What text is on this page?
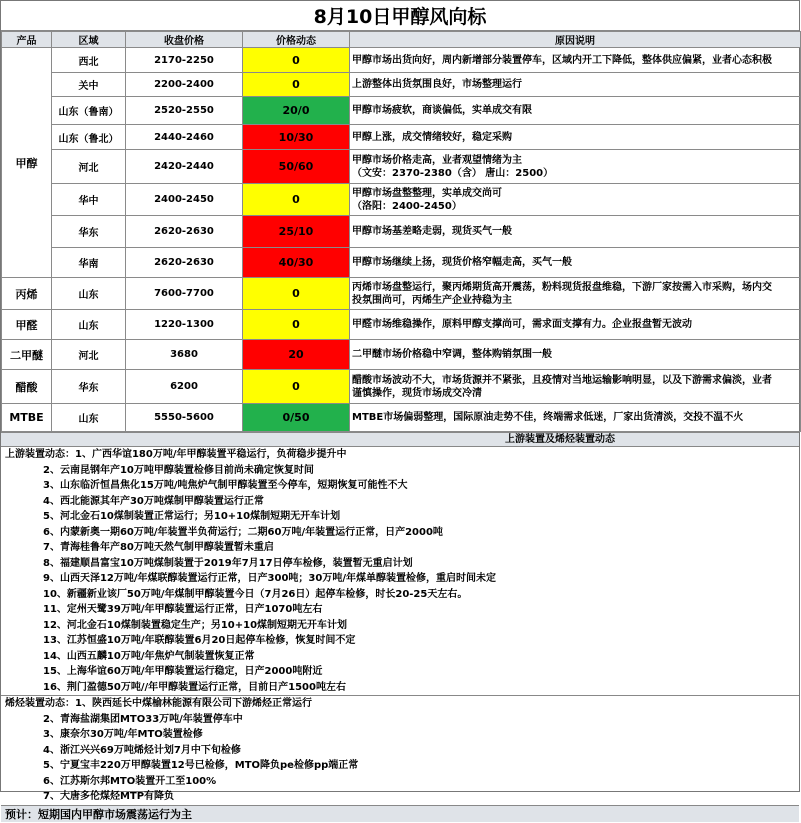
8月10日甲醇风向标
产品	区域	收盘价格	价格动态	原因说明
甲醇	西北	2170-2250	0	甲醇市场出货向好，周内新增部分装置停车，区域内开工下降低，整体供应偏紧，业者心态积极

	关中	2200-2400	0	上游整体出货氛围良好，市场整理运行

	山东（鲁南）	2520-2550	20/0	甲醇市场疲软，商谈偏低，实单成交有限

	山东（鲁北）	2440-2460	10/30	甲醇上涨，成交情绪较好，稳定采购

	河北	2420-2440	50/60	甲醇市场价格走高，业者观望情绪为主
（文安：2370-2380（含） 唐山：2500）

	华中	2400-2450	0	甲醇市场盘整整理，实单成交尚可
（洛阳：2400-2450）

	华东	2620-2630	25/10	甲醇市场基差略走弱，现货买气一般

	华南	2620-2630	40/30	甲醇市场继续上扬，现货价格窄幅走高，买气一般

丙烯	山东	7600-7700	0	丙烯市场盘整运行，聚丙烯期货高开震荡，粉料现货报盘维稳，下游厂家按需入市采购，场内交
投氛围尚可，丙烯生产企业持稳为主

甲醛	山东	1220-1300	0	甲醛市场维稳操作，原料甲醇支撑尚可，需求面支撑有力。企业报盘暂无波动

二甲醚	河北	3680	20	二甲醚市场价格稳中窄调，整体购销氛围一般

醋酸	华东	6200	0	醋酸市场波动不大，市场货源并不紧张，且疫情对当地运输影响明显，以及下游需求偏淡，业者
谨慎操作，现货市场成交冷清

MTBE	山东	5550-5600	0/50	MTBE市场偏弱整理，国际原油走势不佳，终端需求低迷，厂家出货清淡，交投不温不火
上游装置及烯烃装置动态
上游装置动态：1、广西华谊180万吨/年甲醇装置平稳运行，负荷稳步提升中
2、云南昆钢年产10万吨甲醇装置检修目前尚未确定恢复时间
3、山东临沂恒昌焦化15万吨/吨焦炉气制甲醇装置至今停车，短期恢复可能性不大
4、西北能源其年产30万吨煤制甲醇装置运行正常
5、河北金石10煤制装置正常运行；另10+10煤制短期无开车计划
6、内蒙新奥一期60万吨/年装置半负荷运行；二期60万吨/年装置运行正常，日产2000吨
7、青海桂鲁年产80万吨天然气制甲醇装置暂未重启
8、福建顺昌富宝10万吨煤制装置于2019年7月17日停车检修，装置暂无重启计划
9、山西天泽12万吨/年煤联醇装置运行正常，日产300吨；30万吨/年煤单醇装置检修，重启时间未定
10、新疆新业该厂50万吨/年煤制甲醇装置今日（7月26日）起停车检修，时长20-25天左右。
11、定州天鹭39万吨/年甲醇装置运行正常，日产1070吨左右
12、河北金石10煤制装置稳定生产；另10+10煤制短期无开车计划
13、江苏恒盛10万吨/年联醇装置6月20日起停车检修，恢复时间不定
14、山西五麟10万吨/年焦炉气制装置恢复正常
15、上海华谊60万吨/年甲醇装置运行稳定，日产2000吨附近
16、荆门盈德50万吨//年甲醇装置运行正常，目前日产1500吨左右
烯烃装置动态：1、陕西延长中煤榆林能源有限公司下游烯烃正常运行
2、青海盐湖集团MTO33万吨/年装置停车中
3、康奈尔30万吨/年MTO装置检修
4、浙江兴兴69万吨烯烃计划7月中下旬检修
5、宁夏宝丰220万甲醇装置12号已检修，MTO降负pe检修pp端正常
6、江苏斯尔邦MTO装置开工至100%
7、大唐多伦煤烃MTP有降负
预计：短期国内甲醇市场震荡运行为主
